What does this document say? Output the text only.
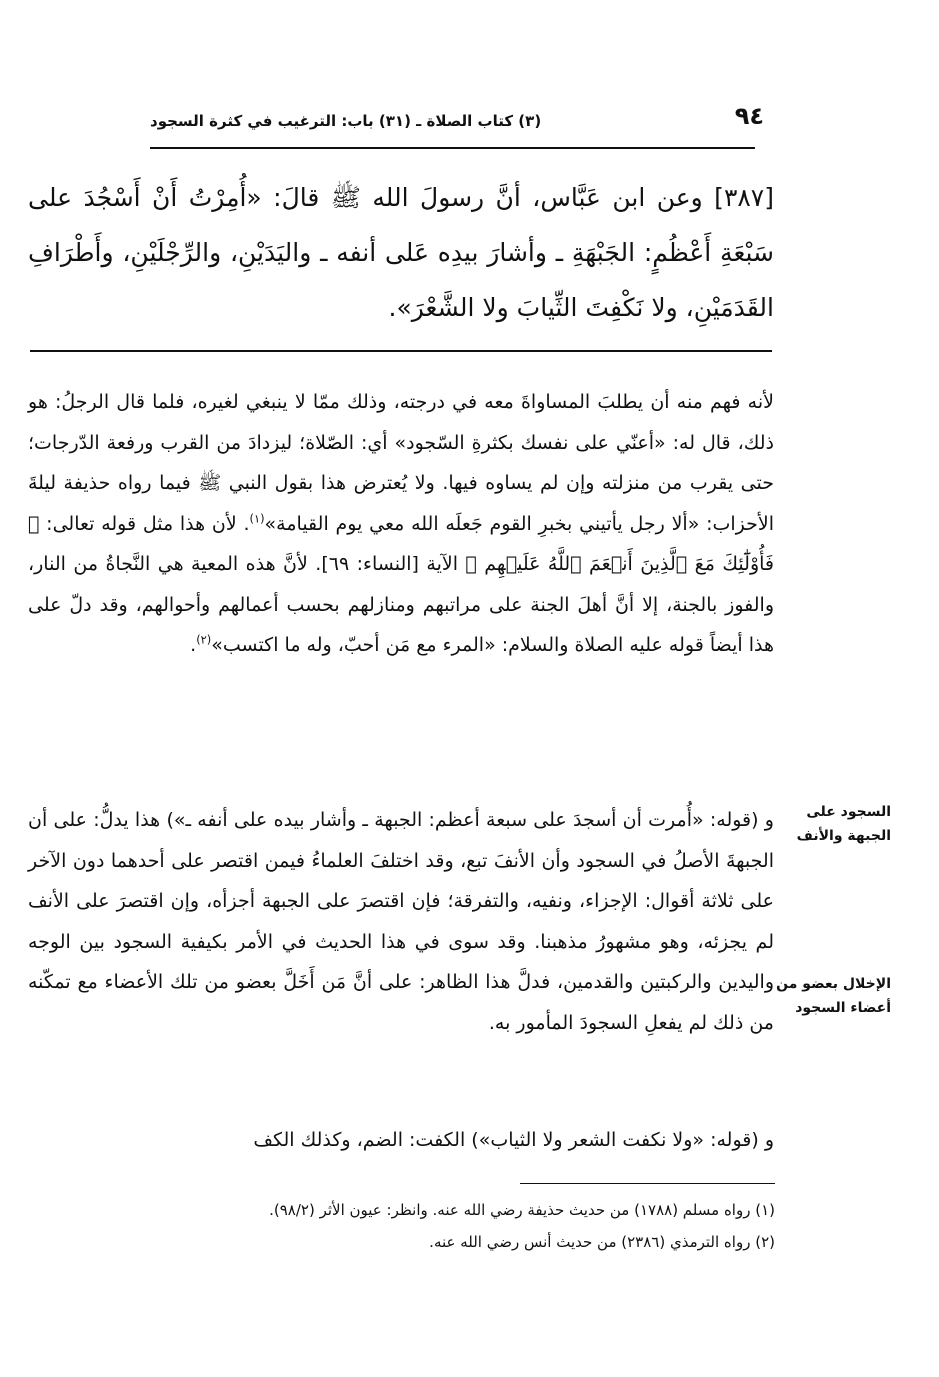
٩٤
(٣) كتاب الصلاة ـ (٣١) باب: الترغيب في كثرة السجود

[٣٨٧] وعن ابن عَبَّاس، أنَّ رسولَ الله ﷺ قالَ: «أُمِرْتُ أَنْ أَسْجُدَ على سَبْعَةِ أَعْظُمٍ: الجَبْهَةِ ـ وأشارَ بيدِه عَلى أنفه ـ واليَدَيْنِ، والرِّجْلَيْنِ، وأَطْرَافِ القَدَمَيْنِ، ولا نَكْفِتَ الثِّيابَ ولا الشَّعْرَ».

لأنه فهم منه أن يطلبَ المساواةَ معه في درجته، وذلك ممّا لا ينبغي لغيره، فلما قال الرجلُ: هو ذلك، قال له: «أعنّي على نفسك بكثرةِ السّجود» أي: الصّلاة؛ ليزدادَ من القرب ورفعة الدّرجات؛ حتى يقرب من منزلته وإن لم يساوه فيها. ولا يُعترض هذا بقول النبي ﷺ فيما رواه حذيفة ليلةَ الأحزاب: «ألا رجل يأتيني بخبرِ القوم جَعلَه الله معي يوم القيامة»$^{(١)}$. لأن هذا مثل قوله تعالى: ﴿ فَأُوْلَٰٓئِكَ مَعَ ٱلَّذِينَ أَنۡعَمَ ٱللَّهُ عَلَيۡهِم ﴾ الآية [النساء: ٦٩]. لأنَّ هذه المعية هي النَّجاةُ من النار، والفوز بالجنة، إلا أنَّ أهلَ الجنة على مراتبهم ومنازلهم بحسب أعمالهم وأحوالهم، وقد دلّ على هذا أيضاً قوله عليه الصلاة والسلام: «المرء مع مَن أحبّ، وله ما اكتسب»$^{(٢)}$.

السجود على الجبهة والأنف
الإخلال بعضو من أعضاء السجود

و (قوله: «أُمرت أن أسجدَ على سبعة أعظم: الجبهة ـ وأشار بيده على أنفه ـ») هذا يدلُّ: على أن الجبهةَ الأصلُ في السجود وأن الأنفَ تبع، وقد اختلفَ العلماءُ فيمن اقتصر على أحدهما دون الآخر على ثلاثة أقوال: الإجزاء، ونفيه، والتفرقة؛ فإن اقتصرَ على الجبهة أجزأه، وإن اقتصرَ على الأنف لم يجزئه، وهو مشهورُ مذهبنا. وقد سوى في هذا الحديث في الأمر بكيفية السجود بين الوجه واليدين والركبتين والقدمين، فدلَّ هذا الظاهر: على أنَّ مَن أَخَلَّ بعضو من تلك الأعضاء مع تمكّنه من ذلك لم يفعلِ السجودَ المأمور به.

و (قوله: «ولا نكفت الشعر ولا الثياب») الكفت: الضم، وكذلك الكف

(١) رواه مسلم (١٧٨٨) من حديث حذيفة رضي الله عنه. وانظر: عيون الأثر (٩٨/٢).

(٢) رواه الترمذي (٢٣٨٦) من حديث أنس رضي الله عنه.
